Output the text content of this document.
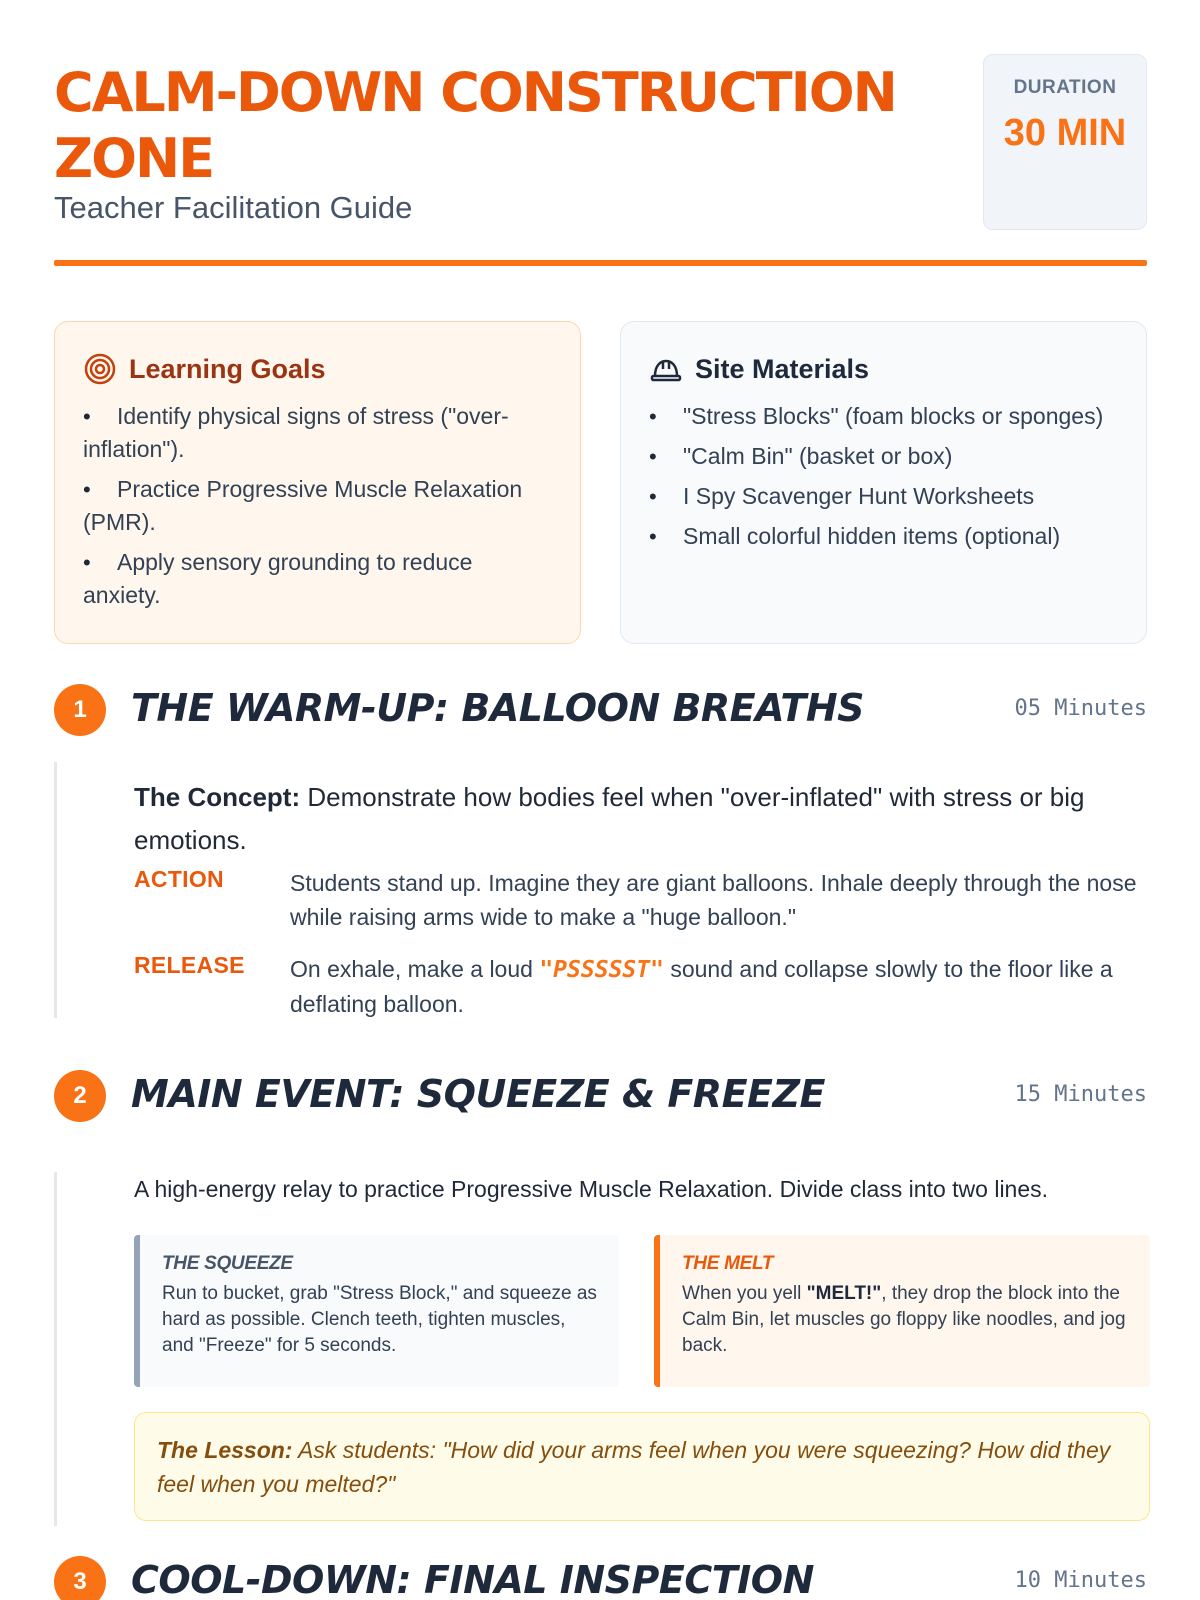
CALM-DOWN CONSTRUCTION ZONE
Teacher Facilitation Guide
DURATION
30 MIN
Learning Goals
• Identify physical signs of stress ("over-inflation").
• Practice Progressive Muscle Relaxation (PMR).
• Apply sensory grounding to reduce anxiety.
Site Materials
• "Stress Blocks" (foam blocks or sponges)
• "Calm Bin" (basket or box)
• I Spy Scavenger Hunt Worksheets
• Small colorful hidden items (optional)
1	THE WARM-UP: BALLOON BREATHS	05 Minutes
The Concept: Demonstrate how bodies feel when "over-inflated" with stress or big emotions.
ACTION	Students stand up. Imagine they are giant balloons. Inhale deeply through the nose while raising arms wide to make a "huge balloon."
RELEASE On exhale, make a loud "PSSSSST" sound and collapse slowly to the floor like a deflating balloon.
2	MAIN EVENT: SQUEEZE & FREEZE	15 Minutes
A high-energy relay to practice Progressive Muscle Relaxation. Divide class into two lines.
THE SQUEEZE
Run to bucket, grab "Stress Block," and squeeze as hard as possible. Clench teeth, tighten muscles, and "Freeze" for 5 seconds.
THE MELT
When you yell "MELT!", they drop the block into the Calm Bin, let muscles go floppy like noodles, and jog back.
The Lesson: Ask students: "How did your arms feel when you were squeezing? How did they feel when you melted?"
3	COOL-DOWN: FINAL INSPECTION	10 Minutes
